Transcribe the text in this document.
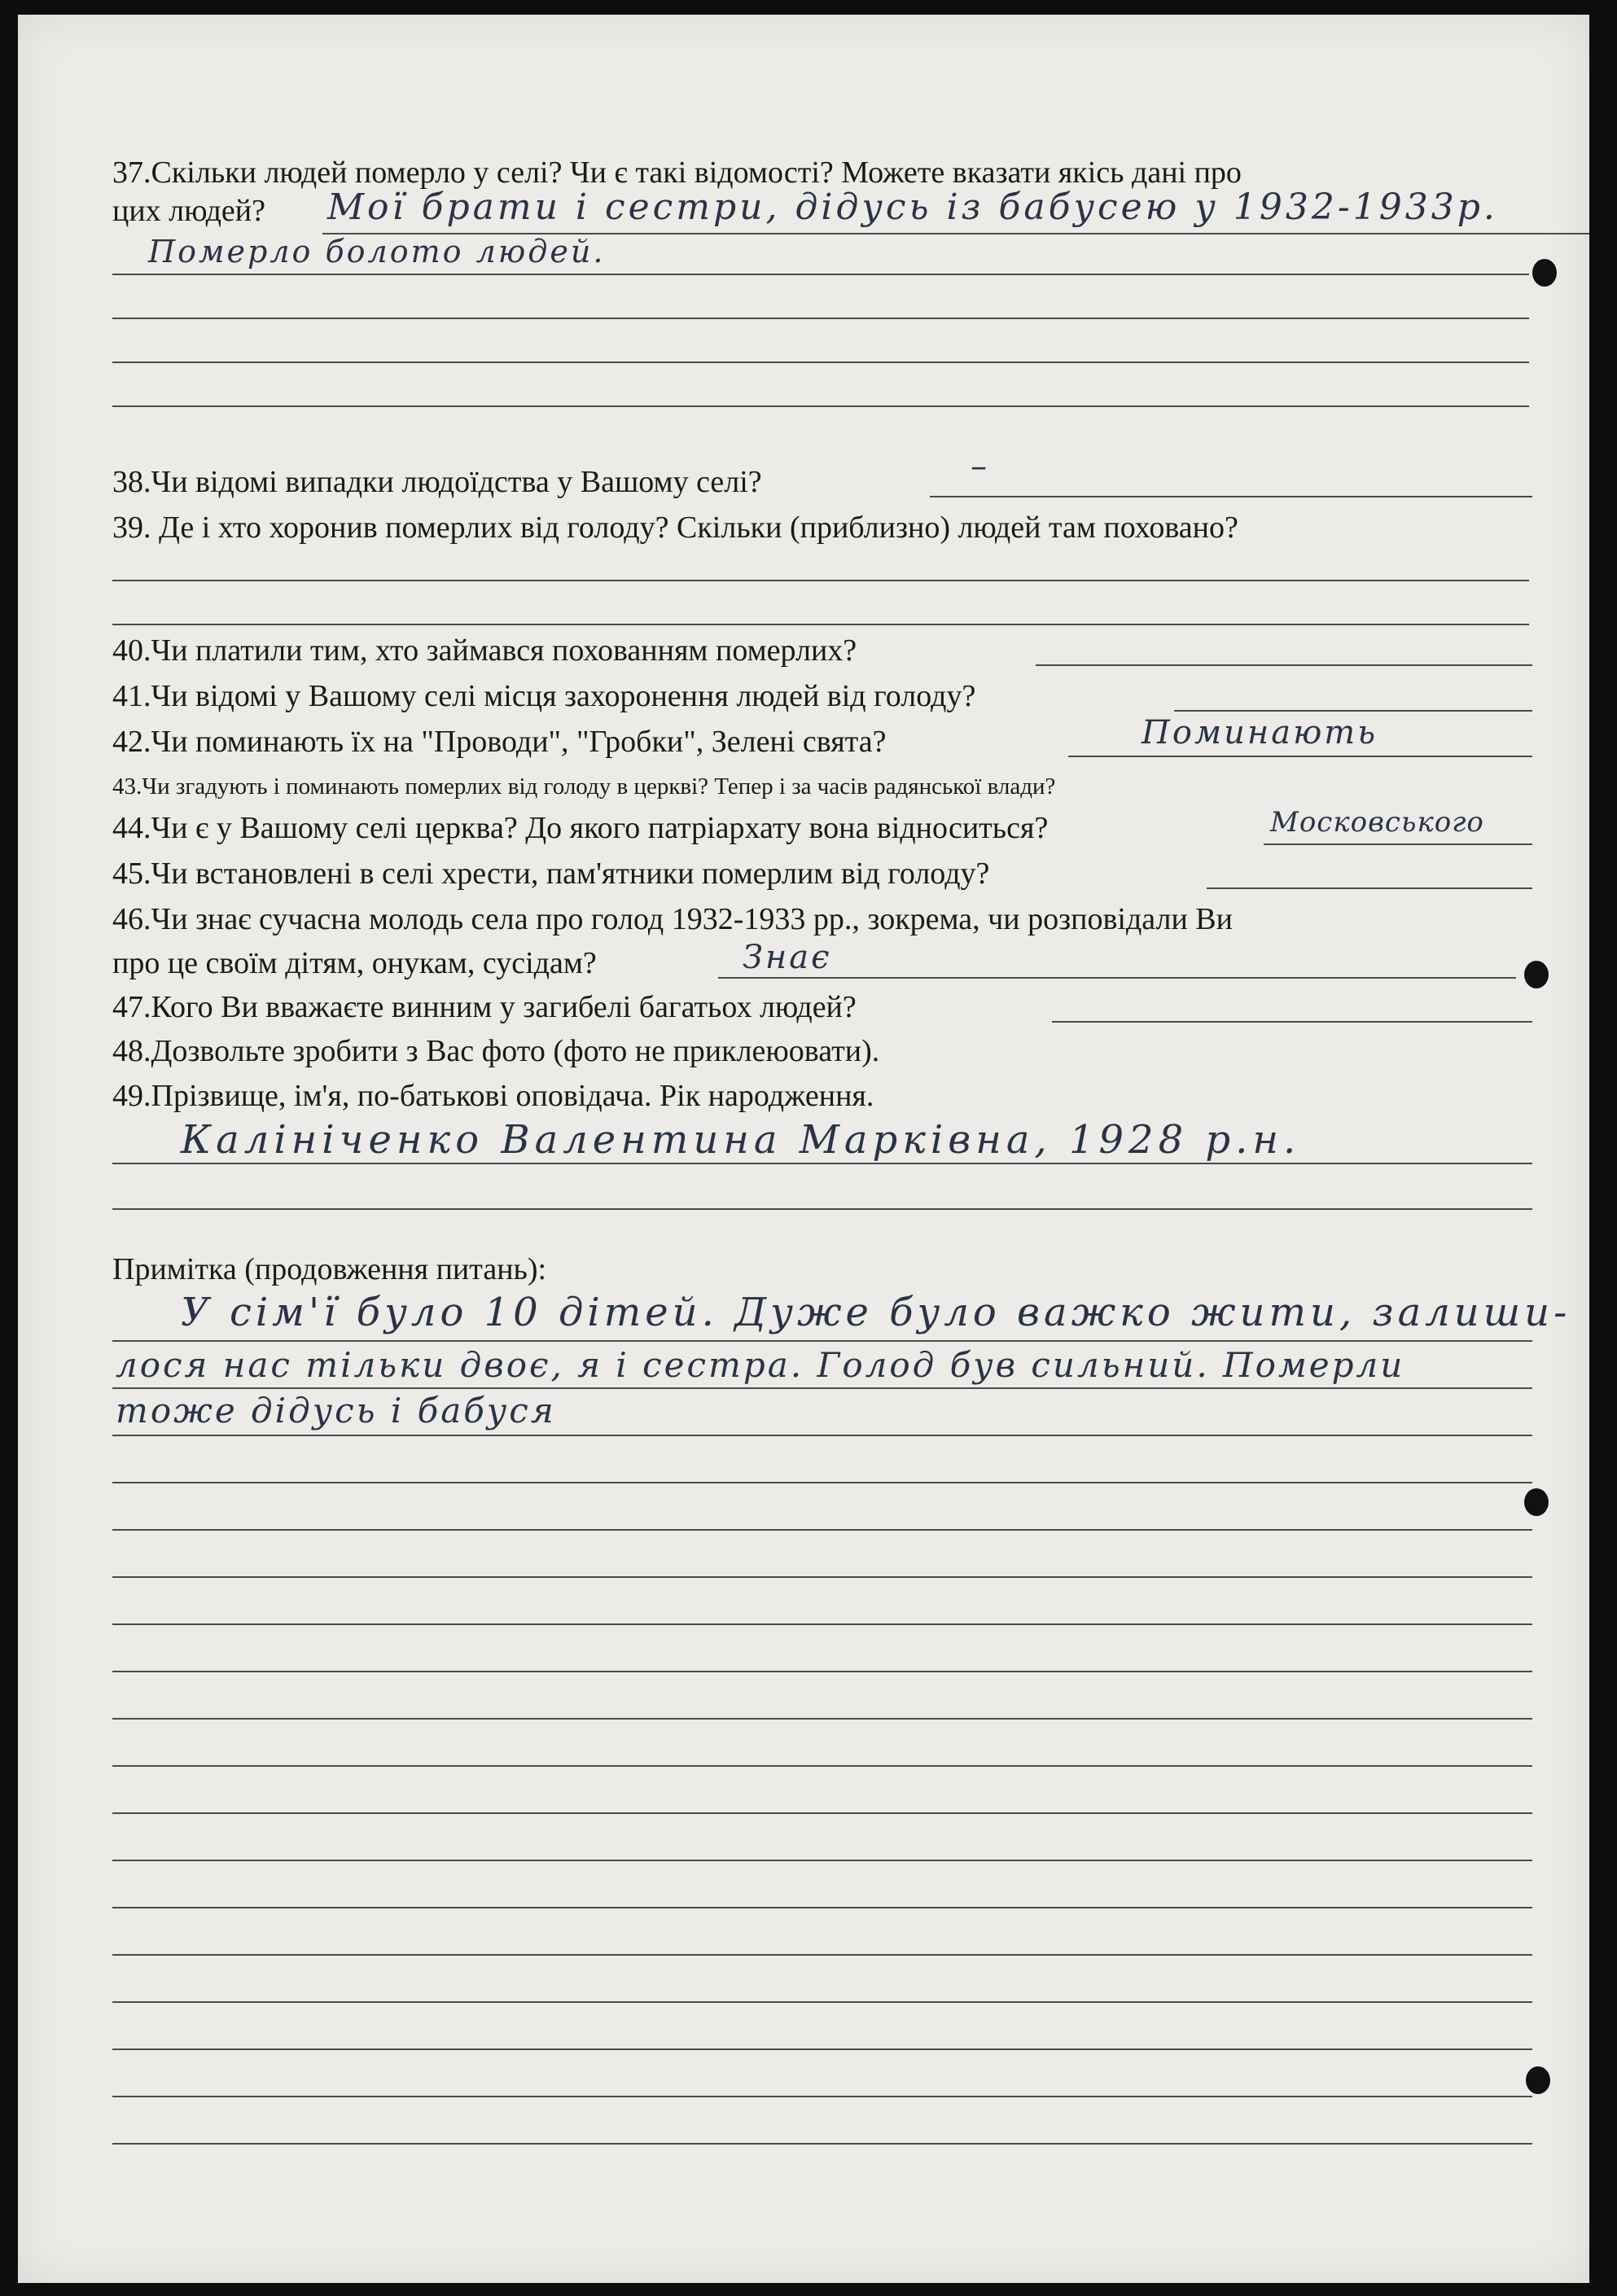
37.Скільки людей померло у селі? Чи є такі відомості? Можете вказати якісь дані про
цих людей? Мої брати і сестри, дідусь із бабусею у 1932-1933р.
Померло болото людей.
38.Чи відомі випадки людоїдства у Вашому селі?	–
39. Де і хто хоронив померлих від голоду? Скільки (приблизно) людей там поховано?
40.Чи платили тим, хто займався похованням померлих?
41.Чи відомі у Вашому селі місця захоронення людей від голоду?
42.Чи поминають їх на "Проводи", "Гробки", Зелені свята?	Поминають
43.Чи згадують і поминають померлих від голоду в церкві? Тепер і за часів радянської влади?
44.Чи є у Вашому селі церква? До якого патріархату вона відноситься?	Московського
45.Чи встановлені в селі хрести, пам'ятники померлим від голоду?
46.Чи знає сучасна молодь села про голод 1932-1933 рр., зокрема, чи розповідали Ви
про це своїм дітям, онукам, сусідам?	Знає
47.Кого Ви вважаєте винним у загибелі багатьох людей?
48.Дозвольте зробити з Вас фото (фото не приклеюовати).
49.Прізвище, ім'я, по-батькові оповідача. Рік народження.
Калініченко Валентина Марківна, 1928 р.н.
Примітка (продовження питань):
У сім'ї було 10 дітей. Дуже було важко жити, залиши-
лося нас тільки двоє, я і сестра. Голод був сильний. Померли
тоже дідусь і бабуся
